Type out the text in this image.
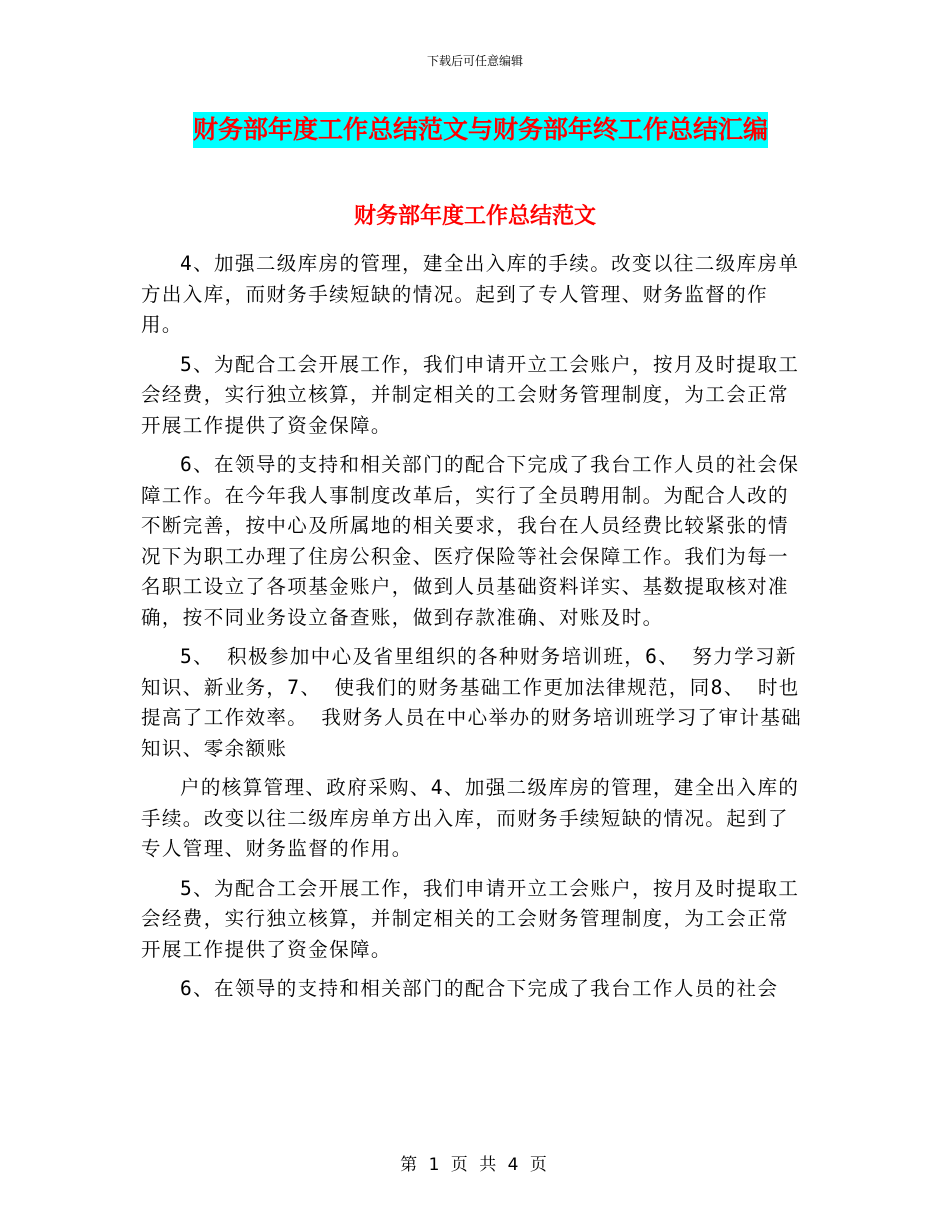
下载后可任意编辑
财务部年度工作总结范文与财务部年终工作总结汇编
财务部年度工作总结范文

4、加强二级库房的管理，建全出入库的手续。改变以往二级库房单方出入库，而财务手续短缺的情况。起到了专人管理、财务监督的作用。

5、为配合工会开展工作，我们申请开立工会账户，按月及时提取工会经费，实行独立核算，并制定相关的工会财务管理制度，为工会正常开展工作提供了资金保障。

6、在领导的支持和相关部门的配合下完成了我台工作人员的社会保障工作。在今年我人事制度改革后，实行了全员聘用制。为配合人改的不断完善，按中心及所属地的相关要求，我台在人员经费比较紧张的情况下为职工办理了住房公积金、医疗保险等社会保障工作。我们为每一名职工设立了各项基金账户，做到人员基础资料详实、基数提取核对准确，按不同业务设立备查账，做到存款准确、对账及时。

5、 积极参加中心及省里组织的各种财务培训班，6、 努力学习新知识、新业务，7、 使我们的财务基础工作更加法律规范，同8、 时也提高了工作效率。 我财务人员在中心举办的财务培训班学习了审计基础知识、零余额账

户的核算管理、政府采购、4、加强二级库房的管理，建全出入库的手续。改变以往二级库房单方出入库，而财务手续短缺的情况。起到了专人管理、财务监督的作用。

5、为配合工会开展工作，我们申请开立工会账户，按月及时提取工会经费，实行独立核算，并制定相关的工会财务管理制度，为工会正常开展工作提供了资金保障。

6、在领导的支持和相关部门的配合下完成了我台工作人员的社会

第 1 页 共 4 页
